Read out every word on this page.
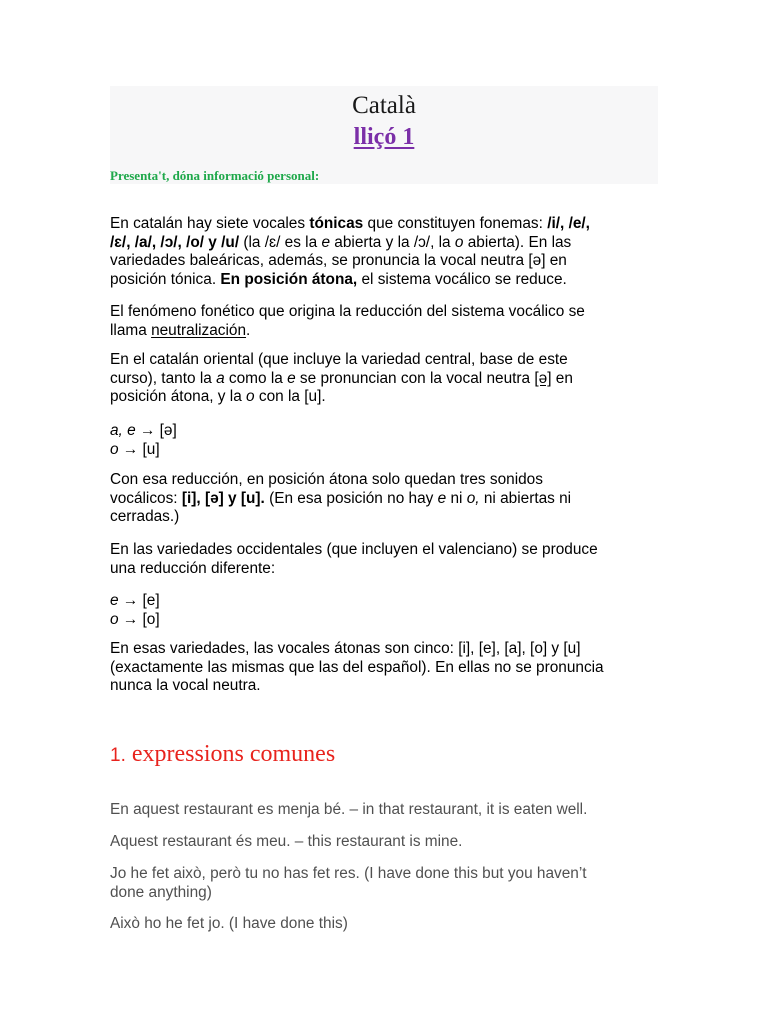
Català
lliçó 1
Presenta't, dóna informació personal:

En catalán hay siete vocales tónicas que constituyen fonemas: /i/, /e/,
/ɛ/, /a/, /ɔ/, /o/ y /u/ (la /ɛ/ es la e abierta y la /ɔ/, la o abierta). En las
variedades baleáricas, además, se pronuncia la vocal neutra [ə] en
posición tónica. En posición átona, el sistema vocálico se reduce.

El fenómeno fonético que origina la reducción del sistema vocálico se
llama neutralización.

En el catalán oriental (que incluye la variedad central, base de este
curso), tanto la a como la e se pronuncian con la vocal neutra [ə] en
posición átona, y la o con la [u].

a, e → [ə]
o → [u]

Con esa reducción, en posición átona solo quedan tres sonidos
vocálicos: [i], [ə] y [u]. (En esa posición no hay e ni o, ni abiertas ni
cerradas.)

En las variedades occidentales (que incluyen el valenciano) se produce
una reducción diferente:

e → [e]
o → [o]

En esas variedades, las vocales átonas son cinco: [i], [e], [a], [o] y [u]
(exactamente las mismas que las del español). En ellas no se pronuncia
nunca la vocal neutra.

1. expressions comunes

En aquest restaurant es menja bé. – in that restaurant, it is eaten well.

Aquest restaurant és meu. – this restaurant is mine.

Jo he fet això, però tu no has fet res. (I have done this but you haven’t
done anything)

Això ho he fet jo. (I have done this)
